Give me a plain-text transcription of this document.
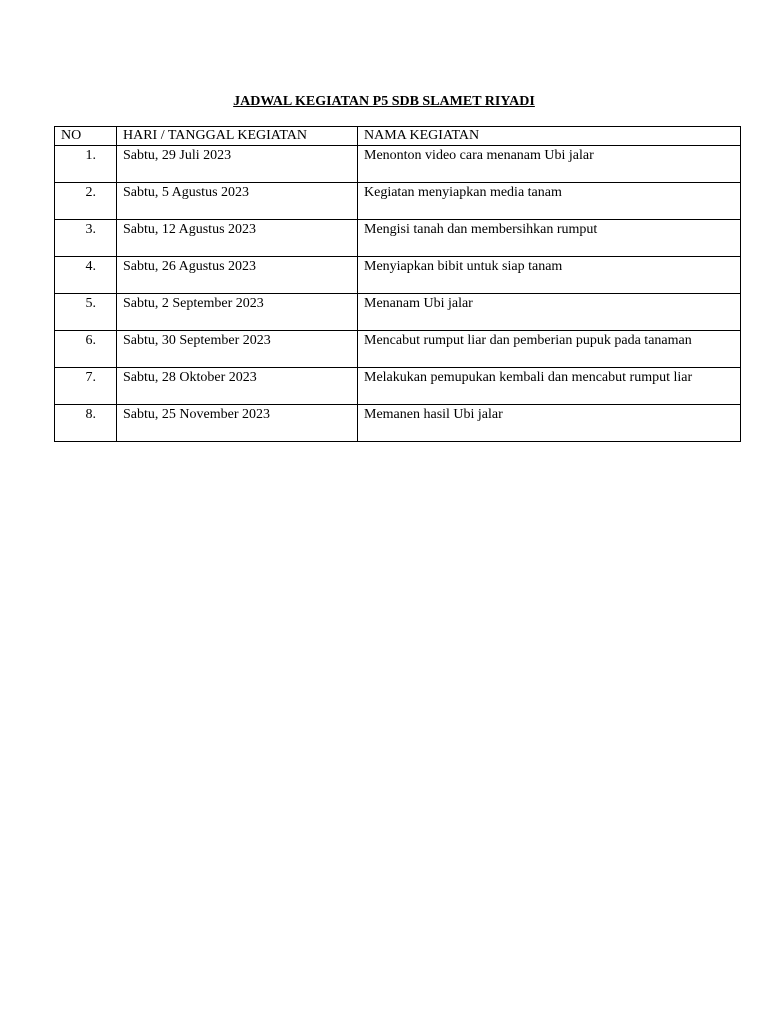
JADWAL KEGIATAN P5 SDB SLAMET RIYADI
NO	HARI / TANGGAL KEGIATAN	NAMA KEGIATAN
1.	Sabtu, 29 Juli 2023	Menonton video cara menanam Ubi jalar
2.	Sabtu, 5 Agustus 2023	Kegiatan menyiapkan media tanam
3.	Sabtu, 12 Agustus 2023	Mengisi tanah dan membersihkan rumput
4.	Sabtu, 26 Agustus 2023	Menyiapkan bibit untuk siap tanam
5.	Sabtu, 2 September 2023	Menanam Ubi jalar
6.	Sabtu, 30 September 2023	Mencabut rumput liar dan pemberian pupuk pada tanaman
7.	Sabtu, 28 Oktober 2023	Melakukan pemupukan kembali dan mencabut rumput liar
8.	Sabtu, 25 November 2023	Memanen hasil Ubi jalar
